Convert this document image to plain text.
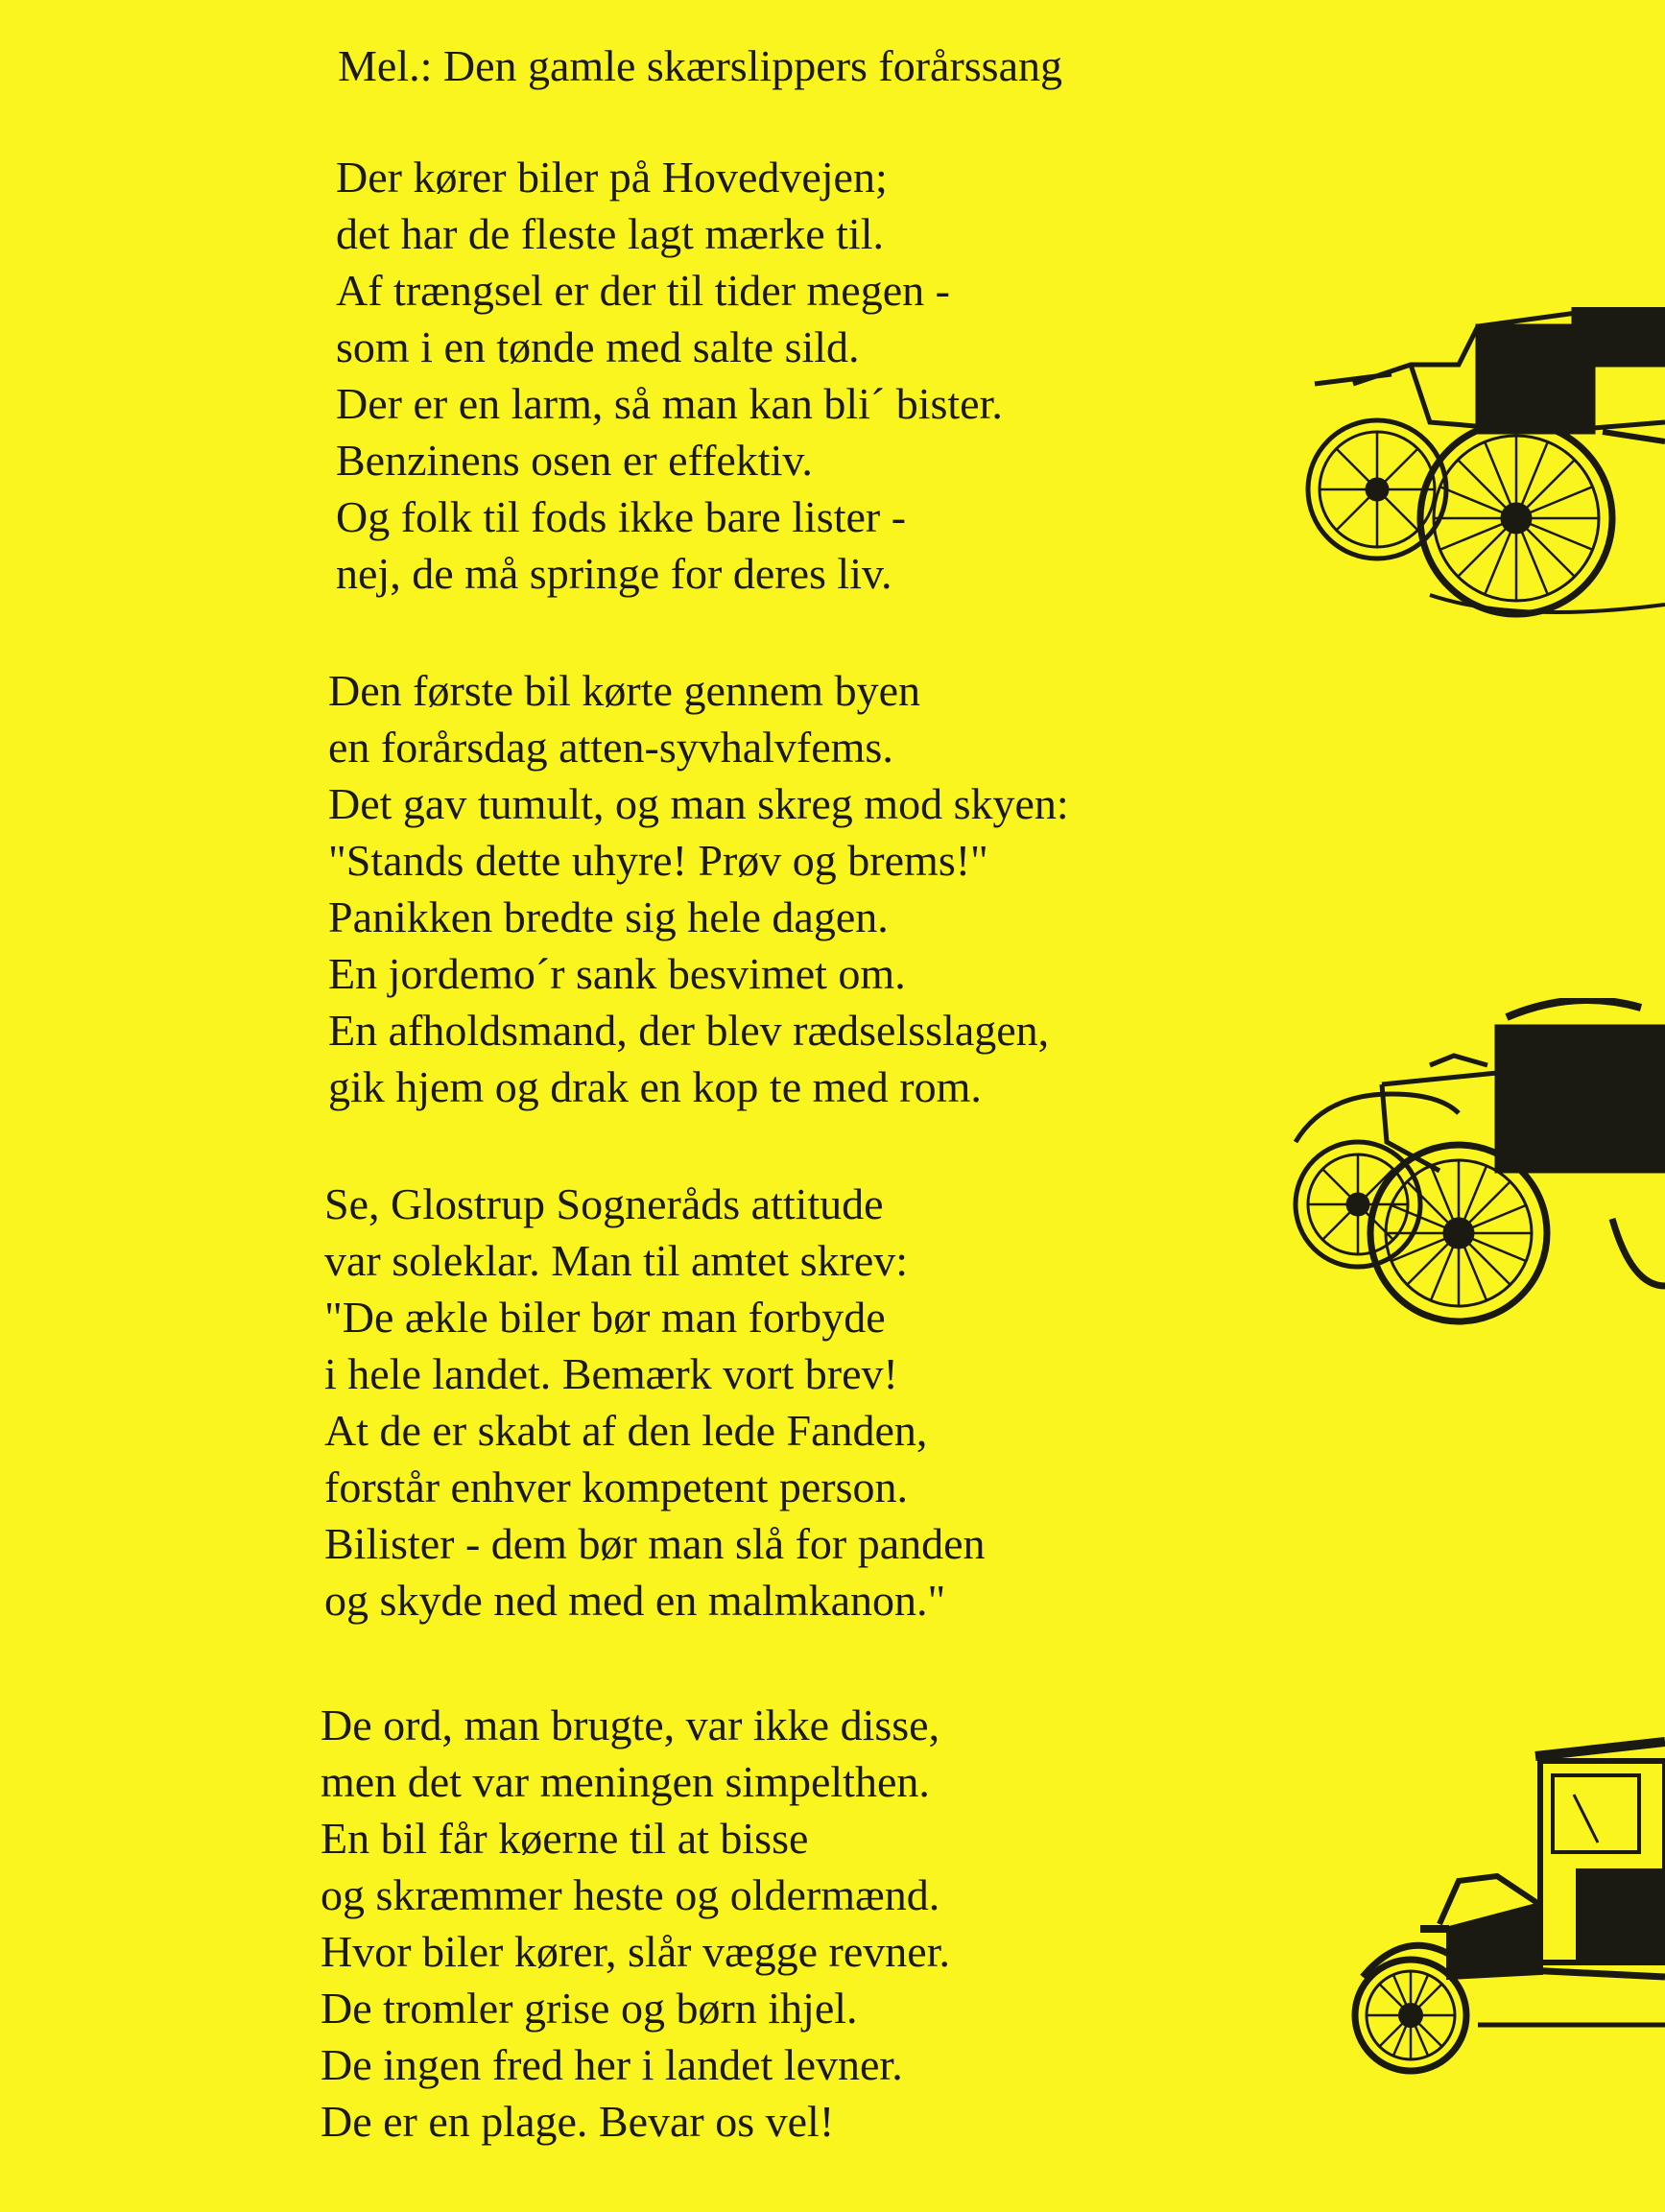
Mel.: Den gamle skærslippers forårssang
Der kører biler på Hovedvejen;
det har de fleste lagt mærke til.
Af trængsel er der til tider megen -
som i en tønde med salte sild.
Der er en larm, så man kan bli´ bister.
Benzinens osen er effektiv.
Og folk til fods ikke bare lister -
nej, de må springe for deres liv.
Den første bil kørte gennem byen
en forårsdag atten-syvhalvfems.
Det gav tumult, og man skreg mod skyen:
"Stands dette uhyre! Prøv og brems!"
Panikken bredte sig hele dagen.
En jordemo´r sank besvimet om.
En afholdsmand, der blev rædselsslagen,
gik hjem og drak en kop te med rom.
Se, Glostrup Sogneråds attitude
var soleklar. Man til amtet skrev:
"De ækle biler bør man forbyde
i hele landet. Bemærk vort brev!
At de er skabt af den lede Fanden,
forstår enhver kompetent person.
Bilister - dem bør man slå for panden
og skyde ned med en malmkanon."
De ord, man brugte, var ikke disse,
men det var meningen simpelthen.
En bil får køerne til at bisse
og skræmmer heste og oldermænd.
Hvor biler kører, slår vægge revner.
De tromler grise og børn ihjel.
De ingen fred her i landet levner.
De er en plage. Bevar os vel!
